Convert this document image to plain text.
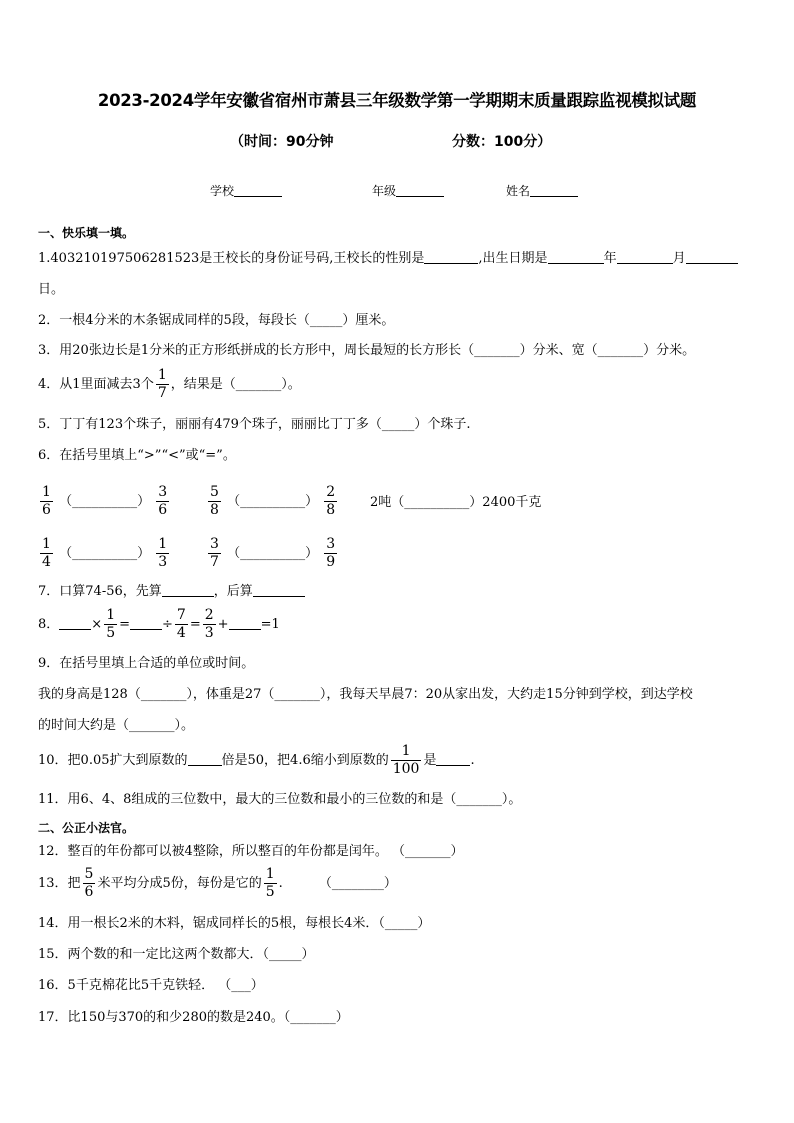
2023-2024学年安徽省宿州市萧县三年级数学第一学期期末质量跟踪监视模拟试题
（时间：90分钟	分数：100分）
学校	年级	姓名
一、快乐填一填。
1.403210197506281523是王校长的身份证号码,王校长的性别是	,出生日期是	年	月
日。
2．一根4分米的木条锯成同样的5段，每段长（_____）厘米。
3．用20张边长是1分米的正方形纸拼成的长方形中，周长最短的长方形长（_______）分米、宽（_______）分米。
4．从1里面减去3个 $\frac{1}{7}$ ，结果是（_______）。
5．丁丁有123个珠子，丽丽有479个珠子，丽丽比丁丁多（_____）个珠子.
6．在括号里填上“>”“<”或“=”。
$\frac{1}{6}$ （__________） $\frac{3}{6}$	$\frac{5}{8}$ （__________） $\frac{2}{8}$	2吨（__________）2400千克
$\frac{1}{4}$ （__________） $\frac{1}{3}$	$\frac{3}{7}$ （__________） $\frac{3}{9}$
7．口算74-56，先算	，后算
8． × $\frac{1}{5}$ = ÷ $\frac{7}{4} = \frac{2}{3} + =1$
9．在括号里填上合适的单位或时间。
我的身高是128（_______），体重是27（_______），我每天早晨7：20从家出发，大约走15分钟到学校，到达学校
的时间大约是（_______）。
10．把0.05扩大到原数的	倍是50，把4.6缩小到原数的 $\frac{1}{100}$ 是	.
11．用6、4、8组成的三位数中，最大的三位数和最小的三位数的和是（_______）。
二、公正小法官。
12．整百的年份都可以被4整除，所以整百的年份都是闰年。 （_______）
13．把 $\frac{5}{6}$ 米平均分成5份，每份是它的 $\frac{1}{5}$ .	（________）
14．用一根长2米的木料，锯成同样长的5根，每根长4米．（_____）
15．两个数的和一定比这两个数都大．（_____）
16．5千克棉花比5千克铁轻． （___）
17．比150与370的和少280的数是240。（_______）
